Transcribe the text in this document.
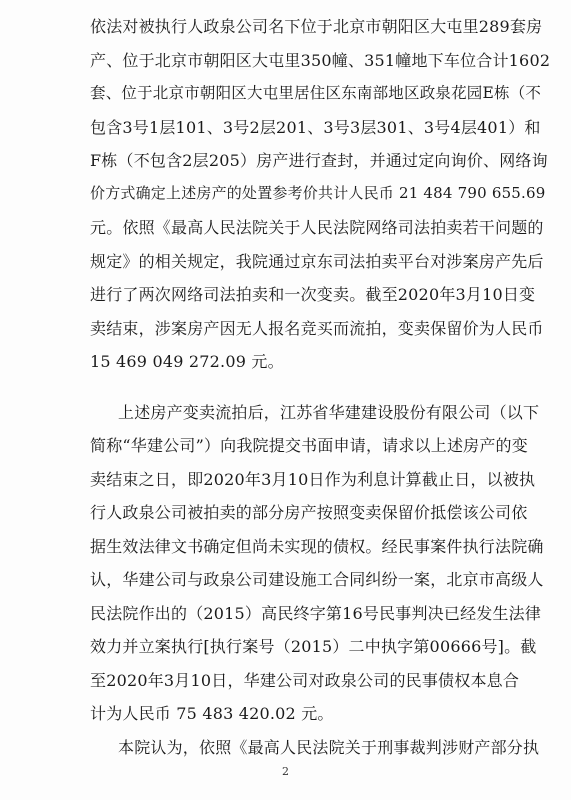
依法对被执行人政泉公司名下位于北京市朝阳区大屯里289套房
产、位于北京市朝阳区大屯里350幢、351幢地下车位合计1602
套、位于北京市朝阳区大屯里居住区东南部地区政泉花园E栋（不
包含3号1层101、3号2层201、3号3层301、3号4层401）和
F栋（不包含2层205）房产进行查封，并通过定向询价、网络询
价方式确定上述房产的处置参考价共计人民币 21 484 790 655.69
元。依照《最高人民法院关于人民法院网络司法拍卖若干问题的
规定》的相关规定，我院通过京东司法拍卖平台对涉案房产先后
进行了两次网络司法拍卖和一次变卖。截至2020年3月10日变
卖结束，涉案房产因无人报名竞买而流拍，变卖保留价为人民币
15 469 049 272.09 元。
上述房产变卖流拍后，江苏省华建建设股份有限公司（以下
简称“华建公司”）向我院提交书面申请，请求以上述房产的变
卖结束之日，即2020年3月10日作为利息计算截止日，以被执
行人政泉公司被拍卖的部分房产按照变卖保留价抵偿该公司依
据生效法律文书确定但尚未实现的债权。经民事案件执行法院确
认，华建公司与政泉公司建设施工合同纠纷一案，北京市高级人
民法院作出的（2015）高民终字第16号民事判决已经发生法律
效力并立案执行[执行案号（2015）二中执字第00666号]。截
至2020年3月10日，华建公司对政泉公司的民事债权本息合
计为人民币 75 483 420.02 元。
本院认为，依照《最高人民法院关于刑事裁判涉财产部分执
2
